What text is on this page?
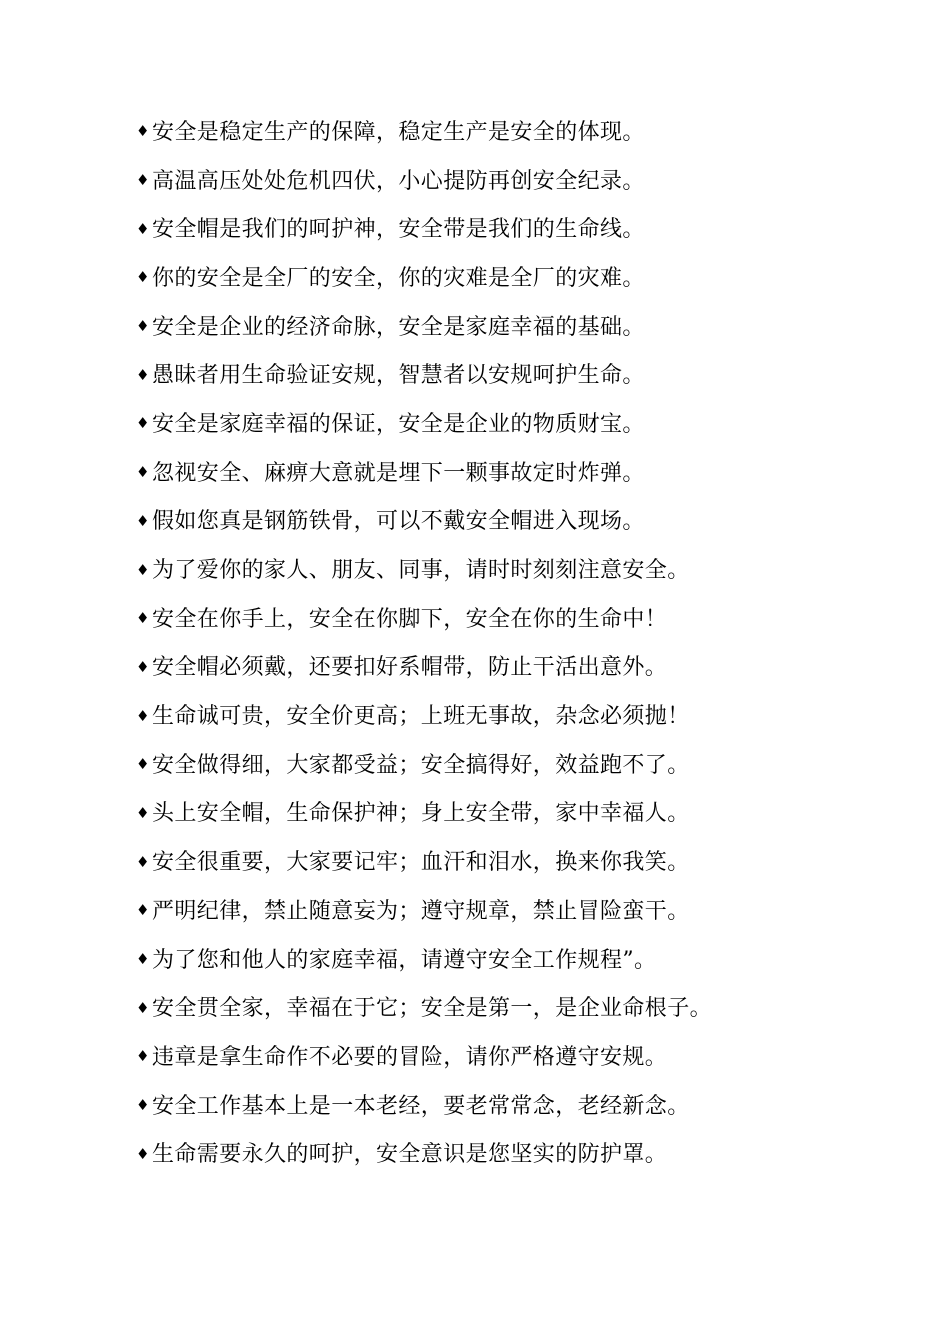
♦ 安全是稳定生产的保障，稳定生产是安全的体现。
♦ 高温高压处处危机四伏，小心提防再创安全纪录。
♦ 安全帽是我们的呵护神，安全带是我们的生命线。
♦ 你的安全是全厂的安全，你的灾难是全厂的灾难。
♦ 安全是企业的经济命脉，安全是家庭幸福的基础。
♦ 愚昧者用生命验证安规，智慧者以安规呵护生命。
♦ 安全是家庭幸福的保证，安全是企业的物质财宝。
♦ 忽视安全、麻痹大意就是埋下一颗事故定时炸弹。
♦ 假如您真是钢筋铁骨，可以不戴安全帽进入现场。
♦ 为了爱你的家人、朋友、同事，请时时刻刻注意安全。
♦ 安全在你手上，安全在你脚下，安全在你的生命中！
♦ 安全帽必须戴，还要扣好系帽带，防止干活出意外。
♦ 生命诚可贵，安全价更高；上班无事故，杂念必须抛！
♦ 安全做得细，大家都受益；安全搞得好，效益跑不了。
♦ 头上安全帽，生命保护神；身上安全带，家中幸福人。
♦ 安全很重要，大家要记牢；血汗和泪水，换来你我笑。
♦ 严明纪律，禁止随意妄为；遵守规章，禁止冒险蛮干。
♦ 为了您和他人的家庭幸福，请遵守安全工作规程”。
♦ 安全贯全家，幸福在于它；安全是第一，是企业命根子。
♦ 违章是拿生命作不必要的冒险，请你严格遵守安规。
♦ 安全工作基本上是一本老经，要老常常念，老经新念。
♦ 生命需要永久的呵护，安全意识是您坚实的防护罩。
